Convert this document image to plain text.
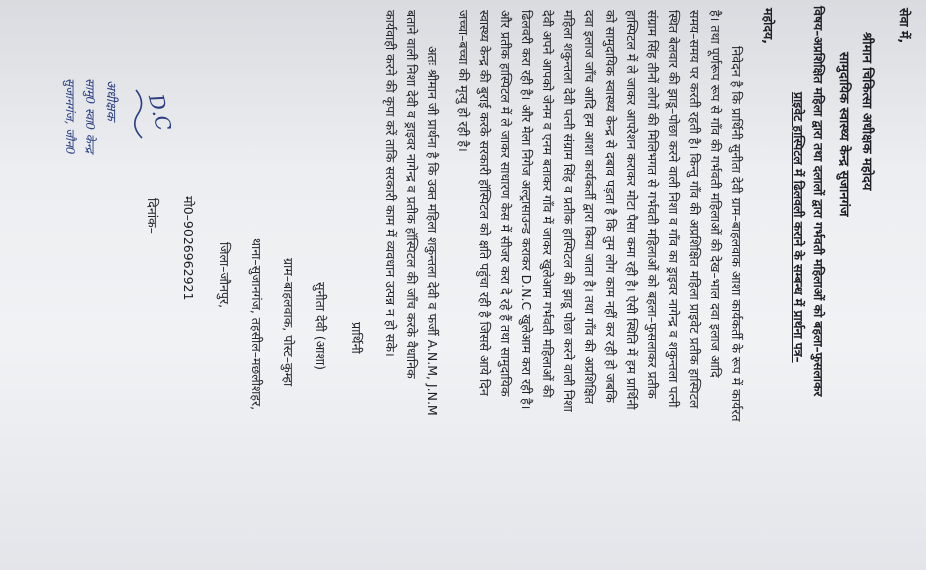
सेवा में,
श्रीमान चिकित्सा अधीक्षक महोदय
सामुदायिक स्वास्थ्य केन्द्र सुजानगंज
विषय–अप्रशिक्षित महिला द्वारा तथा दलालों द्वारा गर्भवती महिलाओं को बहला–फुसलाकर
प्राइवेट हास्पिटल में ढिलवली कराने के सम्बन्ध में प्रार्थना पत्र–
महोदय,
निवेदन है कि प्रार्थिनी सुनीता देवी ग्राम–बाहलवाक आशा कार्यकर्ती के रूप में कार्यरत
है। तथा पूर्णरूप रूप से गाँव की गर्भवती महिलाओं की देख–भाल दवा इलाज आदि
समय–समय पर करती रहती है। किन्तु गाँव की अप्रशिक्षित महिला प्राइवेट प्रतीक हास्पिटल
स्थित बेलवार की झाडू–पोछा करने वाली निशा व गाँव का ड्राइवर नागेन्द्र व शकुन्तला पत्नी
संग्राम सिंह तीनों लोगों की मिलिभगत से गर्भवती महिलाओं को बहला–फुसलाकर प्रतीक
हास्पिटल में ले जाकर आपरेशन कराकर मोटा पैसा कमा रही है। ऐसी स्थिति में हम प्रार्थिनी
को सामुदायिक स्वास्थ्य केन्द्र से दबाव पड़ता है कि तुम लोग काम नहीं कर रही हो जबकि
दवा इलाज जाँच आदि हम आशा कार्यकर्ती द्वारा किया जाता है। तथा गाँव की अप्रशिक्षित
महिला शकुन्तला देवी पत्नी संग्राम सिंह व प्रतीक हास्पिटल की झाडू पोछा करने वाली निशा
देवी अपने आपको जेनम व एनम बताकर गाँव में जाकर खुलेआम गर्भवती महिलाओं की
ढिलवरी करा रही है। और मेला निगेज अल्ट्रासाउन्ड कराकर D.N.C खुलेआम करा रही है।
और प्रतीक हास्पिटल में ले जाकर साधारण केस में सीजर करा दे रहे हैं तथा सामुदायिक
स्वास्थ्य केन्द्र की बुराई करके सरकारी हॉस्पिटल को क्षति पहुंचा रही है जिससे आये दिन
जच्चा–बच्चा की मृत्यु हो रही है।
अतः श्रीमान जी प्रार्थना है कि उक्त महिला शकुन्तला देवी व फर्जी A.N.M, J.N.M
बताने वाली निशा देवी व ड्राइवर नागेन्द्र व प्रतीक हॉस्पिटल की जाँच करके वैधानिक
कार्यवाही करने की कृपा करें ताकि सरकारी काम में व्यवधान उत्पन्न न हो सके।
प्रार्थिनी
सुनीता देवी (आशा)
ग्राम–बाहलवाक, पोस्ट–कुम्हा
थाना–सुजानगंज, तहसील–मछलीशहर,
जिला–जौनपुर,
मो0–9026962921
दिनांक–
D.C
अधीक्षक
सामु0 स्वा0 केन्द्र
सुजानगंज, जौन0
